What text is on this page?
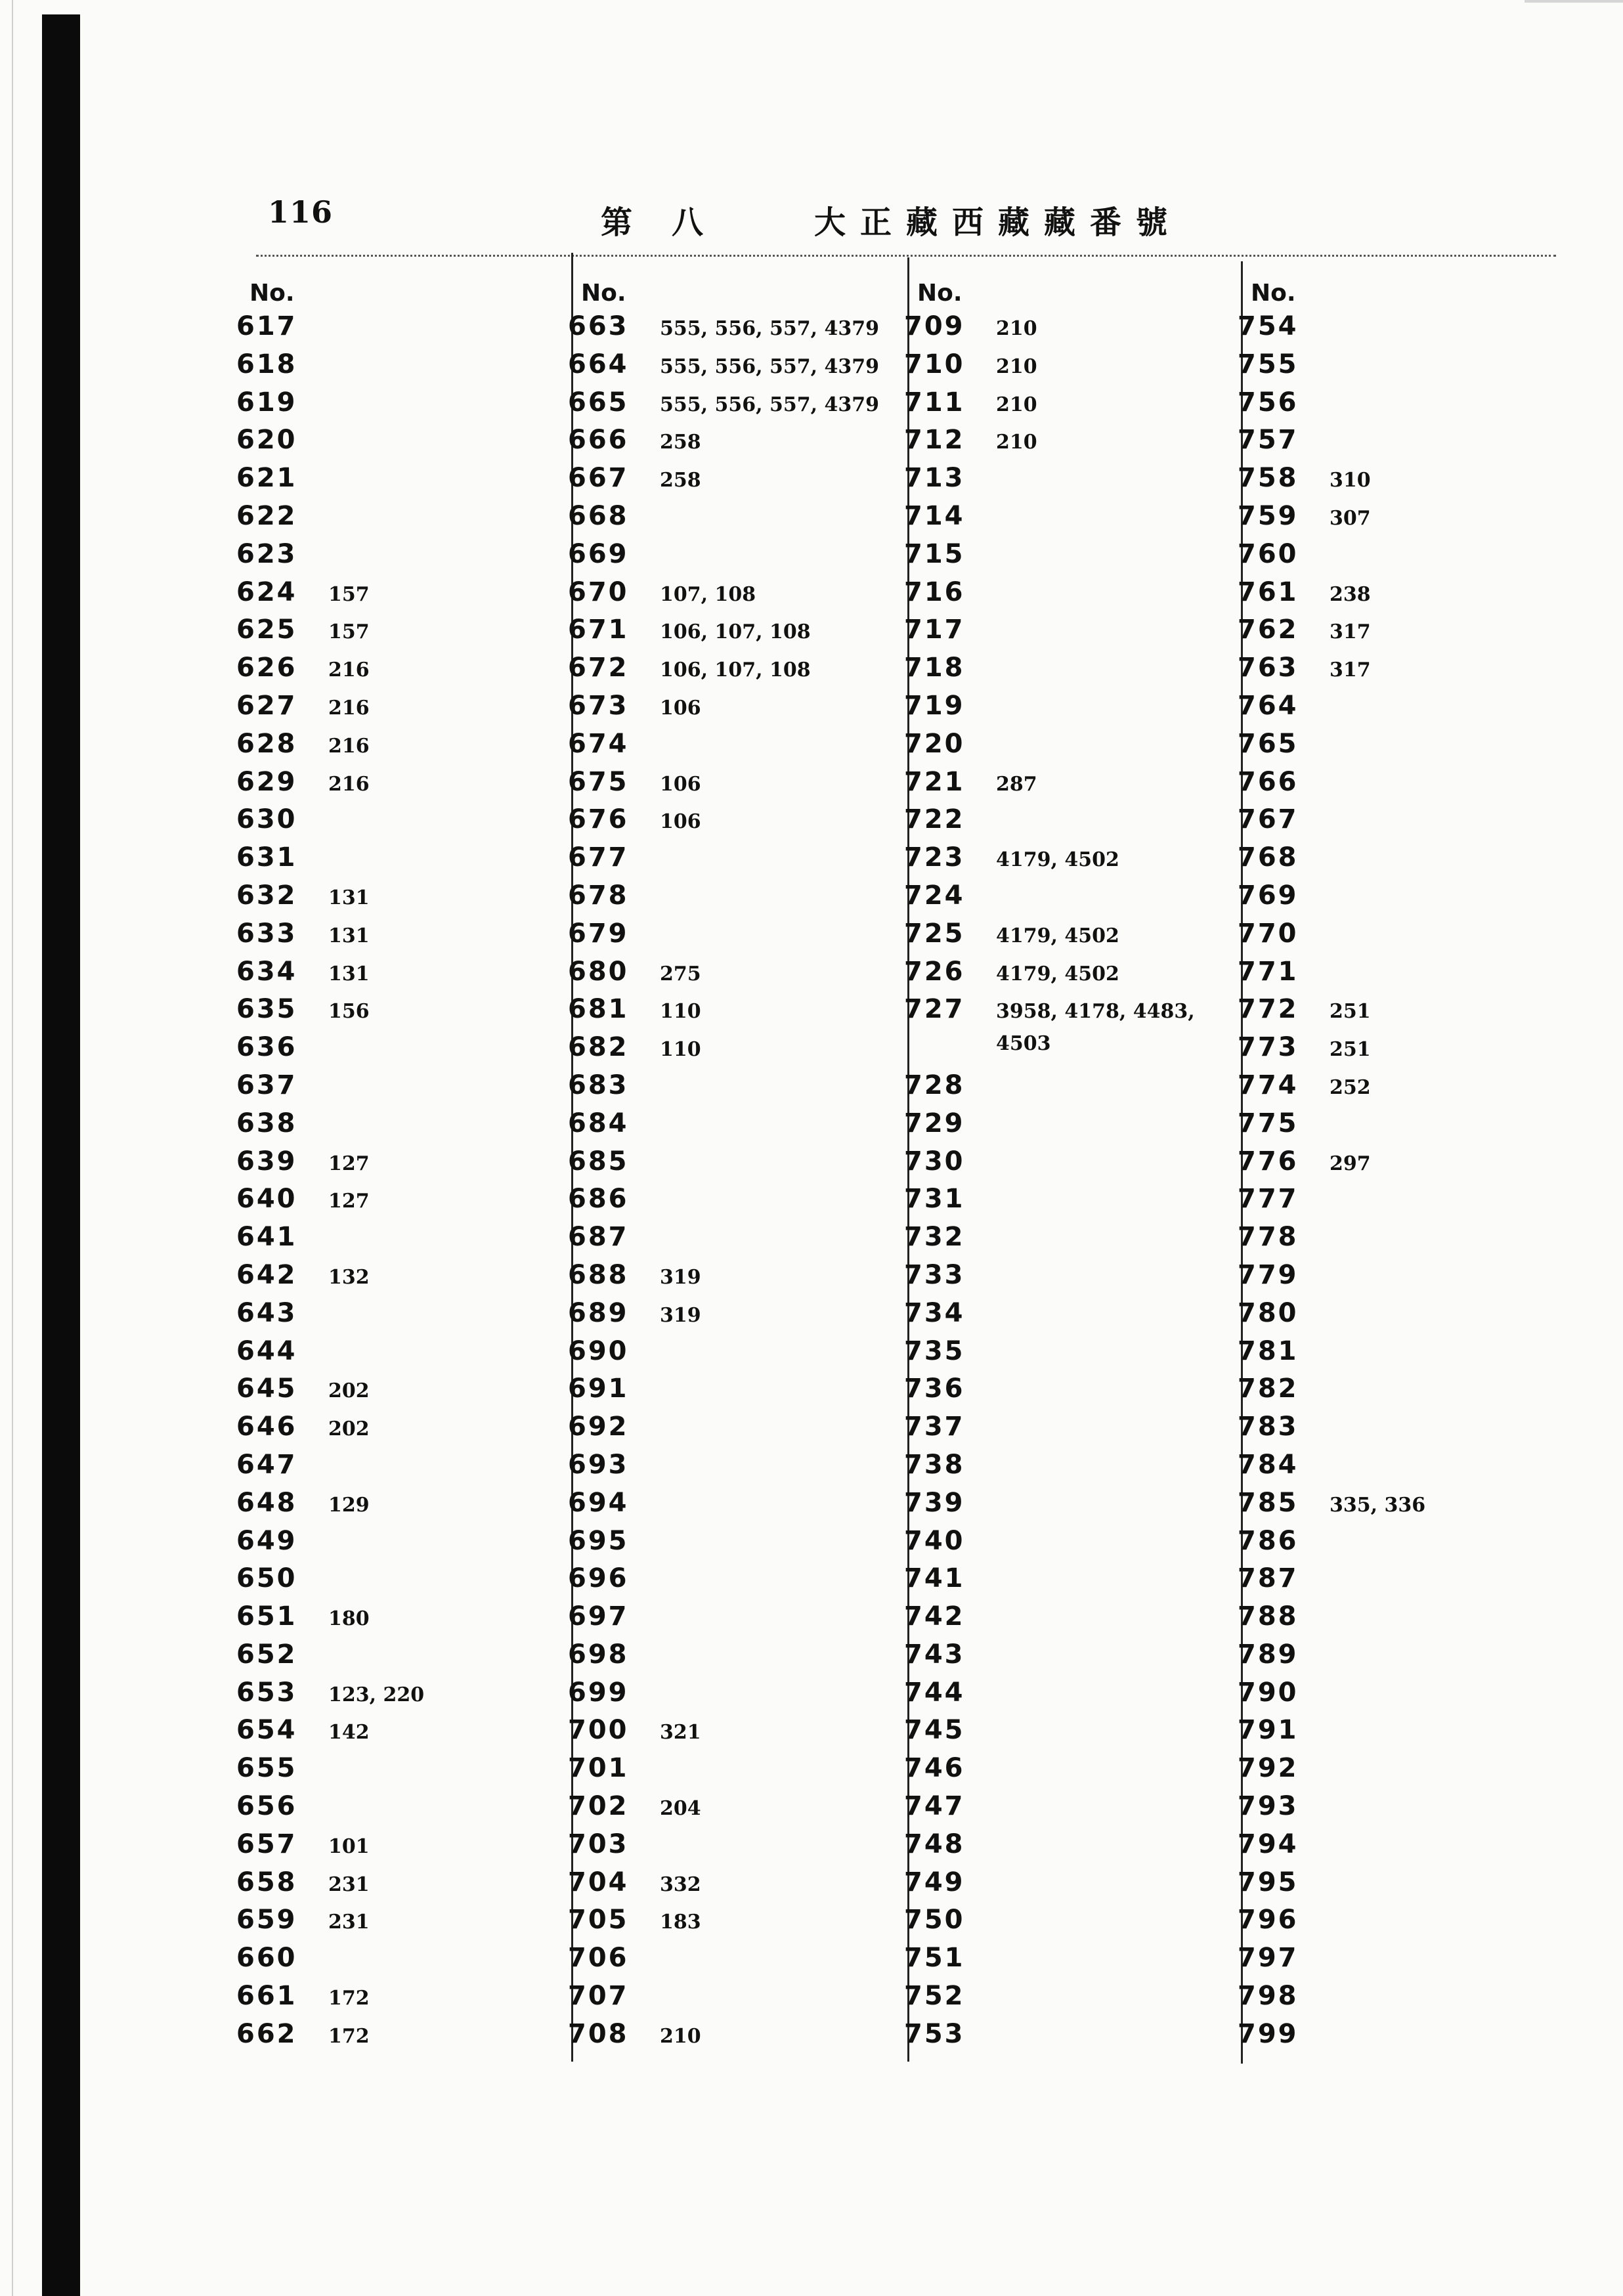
116	第八 大正藏西藏藏番號
No.
617
618
619
620
621
622
623
624	157
625	157
626	216
627	216
628	216
629	216
630
631
632	131
633	131
634	131
635	156
636
637
638
639	127
640	127
641
642	132
643
644
645	202
646	202
647
648	129
649
650
651	180
652
653	123, 220
654	142
655
656
657	101
658	231
659	231
660
661	172
662	172
No.
663	555, 556, 557, 4379
664	555, 556, 557, 4379
665	555, 556, 557, 4379
666	258
667	258
668
669
670	107, 108
671	106, 107, 108
672	106, 107, 108
673	106
674
675	106
676	106
677
678
679
680	275
681	110
682	110
683
684
685
686
687
688	319
689	319
690
691
692
693
694
695
696
697
698
699
700	321
701
702	204
703
704	332
705	183
706
707
708	210
No.
709	210
710	210
711	210
712	210
713
714
715
716
717
718
719
720
721	287
722
723	4179, 4502
724
725	4179, 4502
726	4179, 4502
727	3958, 4178, 4483,
4503
728
729
730
731
732
733
734
735
736
737
738
739
740
741
742
743
744
745
746
747
748
749
750
751
752
753
No.
754
755
756
757
758	310
759	307
760
761	238
762	317
763	317
764
765
766
767
768
769
770
771
772	251
773	251
774	252
775
776	297
777
778
779
780
781
782
783
784
785	335, 336
786
787
788
789
790
791
792
793
794
795
796
797
798
799
